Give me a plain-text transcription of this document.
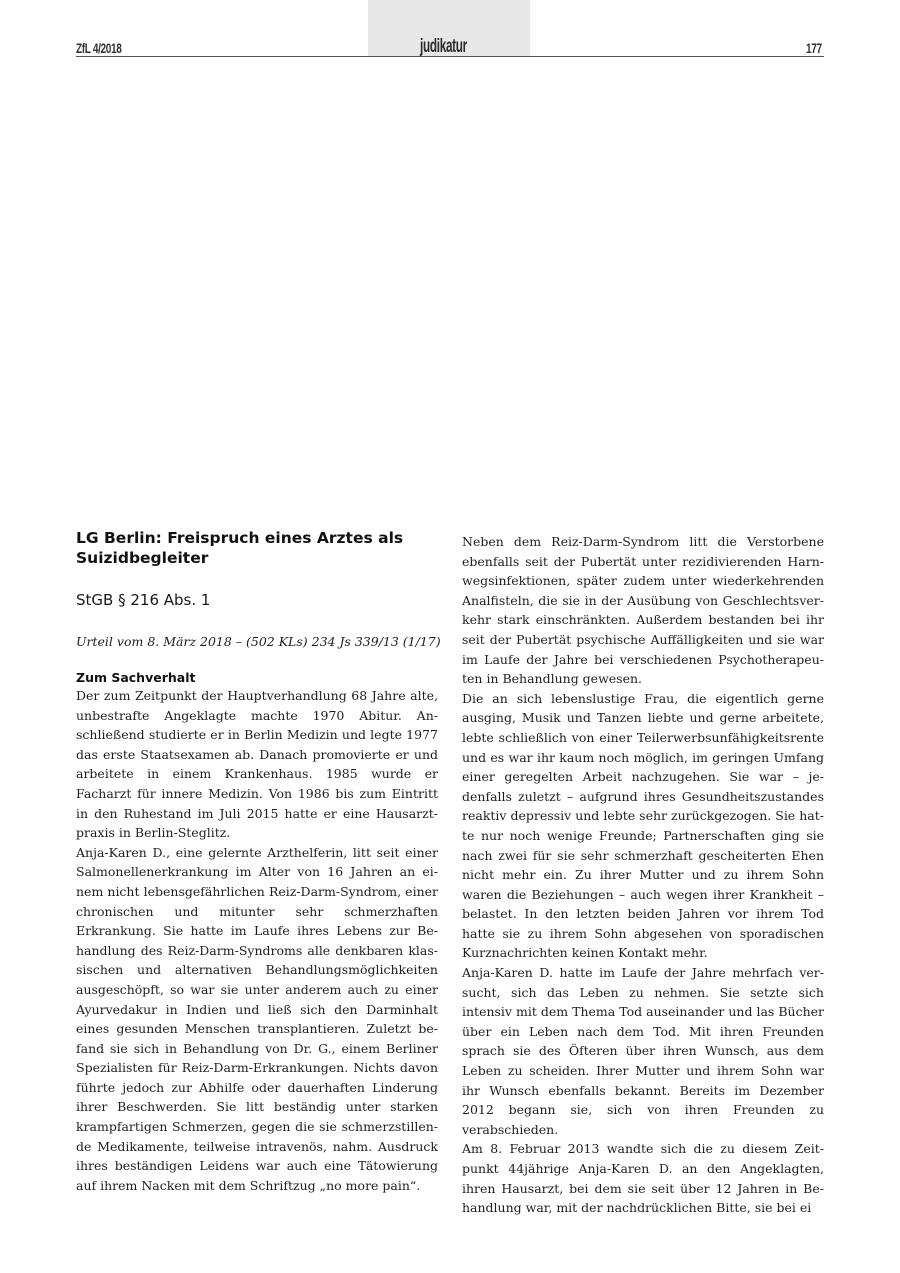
ZfL 4/2018	judikatur	177
LG Berlin: Freispruch eines Arztes als Suizidbegleiter
StGB § 216 Abs. 1
Urteil vom 8. März 2018 – (502 KLs) 234 Js 339/13 (1/17)
Zum Sachverhalt

Der zum Zeitpunkt der Hauptverhandlung 68 Jahre alte, unbestrafte Angeklagte machte 1970 Abitur. Anschließend studierte er in Berlin Medizin und legte 1977 das erste Staatsexamen ab. Danach promovierte er und arbeitete in einem Krankenhaus. 1985 wurde er Facharzt für innere Medizin. Von 1986 bis zum Eintritt in den Ruhestand im Juli 2015 hatte er eine Hausarztpraxis in Berlin-Steglitz.

Anja-Karen D., eine gelernte Arzthelferin, litt seit einer Salmonellenerkrankung im Alter von 16 Jahren an einem nicht lebensgefährlichen Reiz-Darm-Syndrom, einer chronischen und mitunter sehr schmerzhaften Erkrankung. Sie hatte im Laufe ihres Lebens zur Behandlung des Reiz-Darm-Syndroms alle denkbaren klassischen und alternativen Behandlungsmöglichkeiten ausgeschöpft, so war sie unter anderem auch zu einer Ayurvedakur in Indien und ließ sich den Darminhalt eines gesunden Menschen transplantieren. Zuletzt befand sie sich in Behandlung von Dr. G., einem Berliner Spezialisten für Reiz-Darm-Erkrankungen. Nichts davon führte jedoch zur Abhilfe oder dauerhaften Linderung ihrer Beschwerden. Sie litt beständig unter starken krampfartigen Schmerzen, gegen die sie schmerzstillende Medikamente, teilweise intravenös, nahm. Ausdruck ihres beständigen Leidens war auch eine Tätowierung auf ihrem Nacken mit dem Schriftzug „no more pain“.

Neben dem Reiz-Darm-Syndrom litt die Verstorbene ebenfalls seit der Pubertät unter rezidivierenden Harnwegsinfektionen, später zudem unter wiederkehrenden Analfisteln, die sie in der Ausübung von Geschlechtsverkehr stark einschränkten. Außerdem bestanden bei ihr seit der Pubertät psychische Auffälligkeiten und sie war im Laufe der Jahre bei verschiedenen Psychotherapeuten in Behandlung gewesen.

Die an sich lebenslustige Frau, die eigentlich gerne ausging, Musik und Tanzen liebte und gerne arbeitete, lebte schließlich von einer Teilerwerbsunfähigkeitsrente und es war ihr kaum noch möglich, im geringen Umfang einer geregelten Arbeit nachzugehen. Sie war – jedenfalls zuletzt – aufgrund ihres Gesundheitszustandes reaktiv depressiv und lebte sehr zurückgezogen. Sie hatte nur noch wenige Freunde; Partnerschaften ging sie nach zwei für sie sehr schmerzhaft gescheiterten Ehen nicht mehr ein. Zu ihrer Mutter und zu ihrem Sohn waren die Beziehungen – auch wegen ihrer Krankheit – belastet. In den letzten beiden Jahren vor ihrem Tod hatte sie zu ihrem Sohn abgesehen von sporadischen Kurznachrichten keinen Kontakt mehr.

Anja-Karen D. hatte im Laufe der Jahre mehrfach versucht, sich das Leben zu nehmen. Sie setzte sich intensiv mit dem Thema Tod auseinander und las Bücher über ein Leben nach dem Tod. Mit ihren Freunden sprach sie des Öfteren über ihren Wunsch, aus dem Leben zu scheiden. Ihrer Mutter und ihrem Sohn war ihr Wunsch ebenfalls bekannt. Bereits im Dezember 2012 begann sie, sich von ihren Freunden zu verabschieden.

Am 8. Februar 2013 wandte sich die zu diesem Zeitpunkt 44jährige Anja-Karen D. an den Angeklagten, ihren Hausarzt, bei dem sie seit über 12 Jahren in Behandlung war, mit der nachdrücklichen Bitte, sie bei ei
